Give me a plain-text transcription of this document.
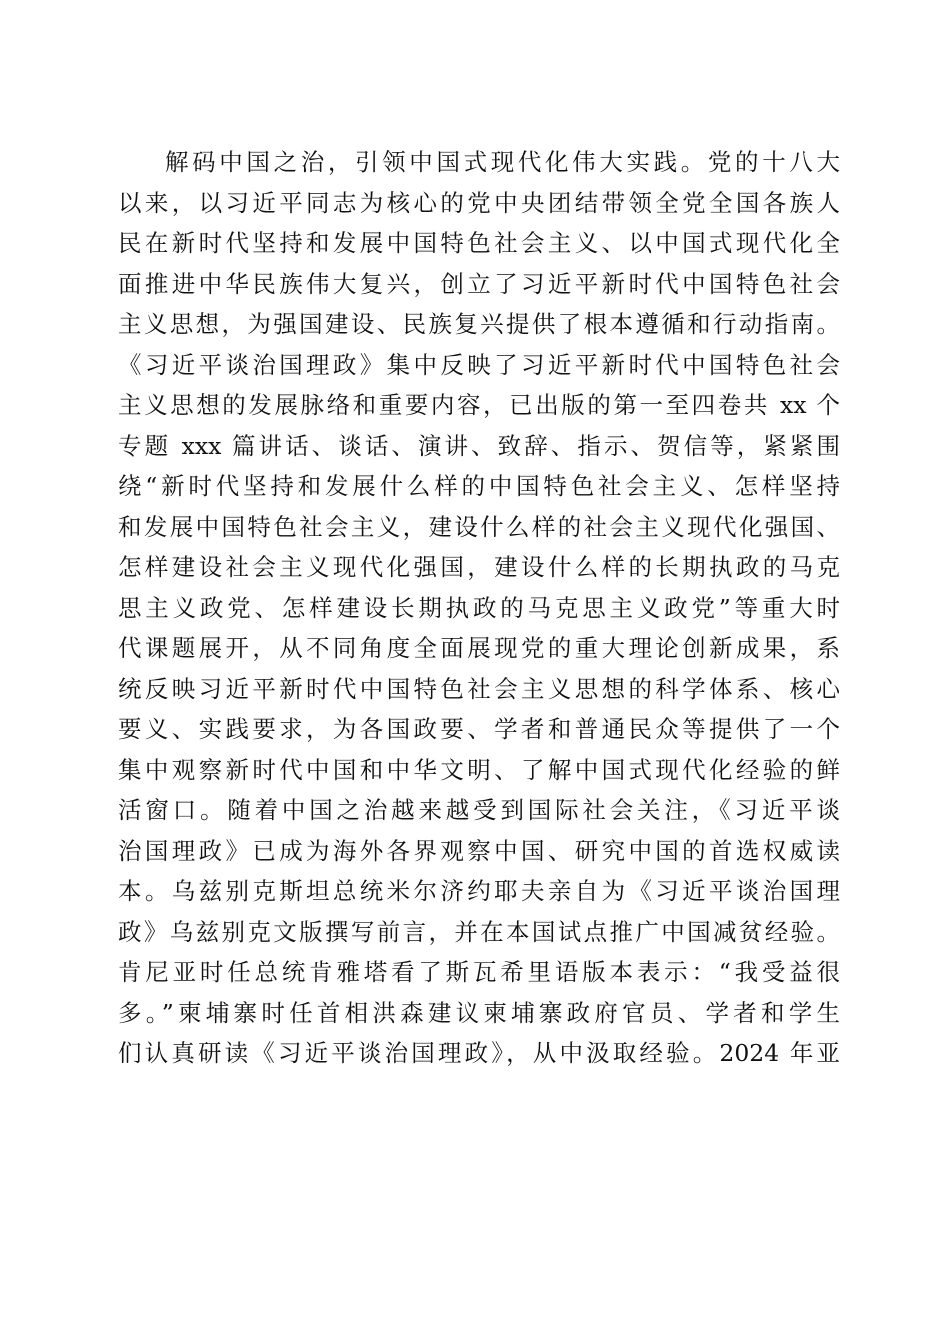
解码中国之治，引领中国式现代化伟大实践。党的十八大
以来，以习近平同志为核心的党中央团结带领全党全国各族人
民在新时代坚持和发展中国特色社会主义、以中国式现代化全
面推进中华民族伟大复兴，创立了习近平新时代中国特色社会
主义思想，为强国建设、民族复兴提供了根本遵循和行动指南。
《习近平谈治国理政》集中反映了习近平新时代中国特色社会
主义思想的发展脉络和重要内容，已出版的第一至四卷共 xx 个
专题 xxx 篇讲话、谈话、演讲、致辞、指示、贺信等，紧紧围
绕“新时代坚持和发展什么样的中国特色社会主义、怎样坚持
和发展中国特色社会主义，建设什么样的社会主义现代化强国、
怎样建设社会主义现代化强国，建设什么样的长期执政的马克
思主义政党、怎样建设长期执政的马克思主义政党”等重大时
代课题展开，从不同角度全面展现党的重大理论创新成果，系
统反映习近平新时代中国特色社会主义思想的科学体系、核心
要义、实践要求，为各国政要、学者和普通民众等提供了一个
集中观察新时代中国和中华文明、了解中国式现代化经验的鲜
活窗口。随着中国之治越来越受到国际社会关注，《习近平谈
治国理政》已成为海外各界观察中国、研究中国的首选权威读
本。乌兹别克斯坦总统米尔济约耶夫亲自为《习近平谈治国理
政》乌兹别克文版撰写前言，并在本国试点推广中国减贫经验。
肯尼亚时任总统肯雅塔看了斯瓦希里语版本表示：“我受益很
多。”柬埔寨时任首相洪森建议柬埔寨政府官员、学者和学生
们认真研读《习近平谈治国理政》，从中汲取经验。2024 年亚
